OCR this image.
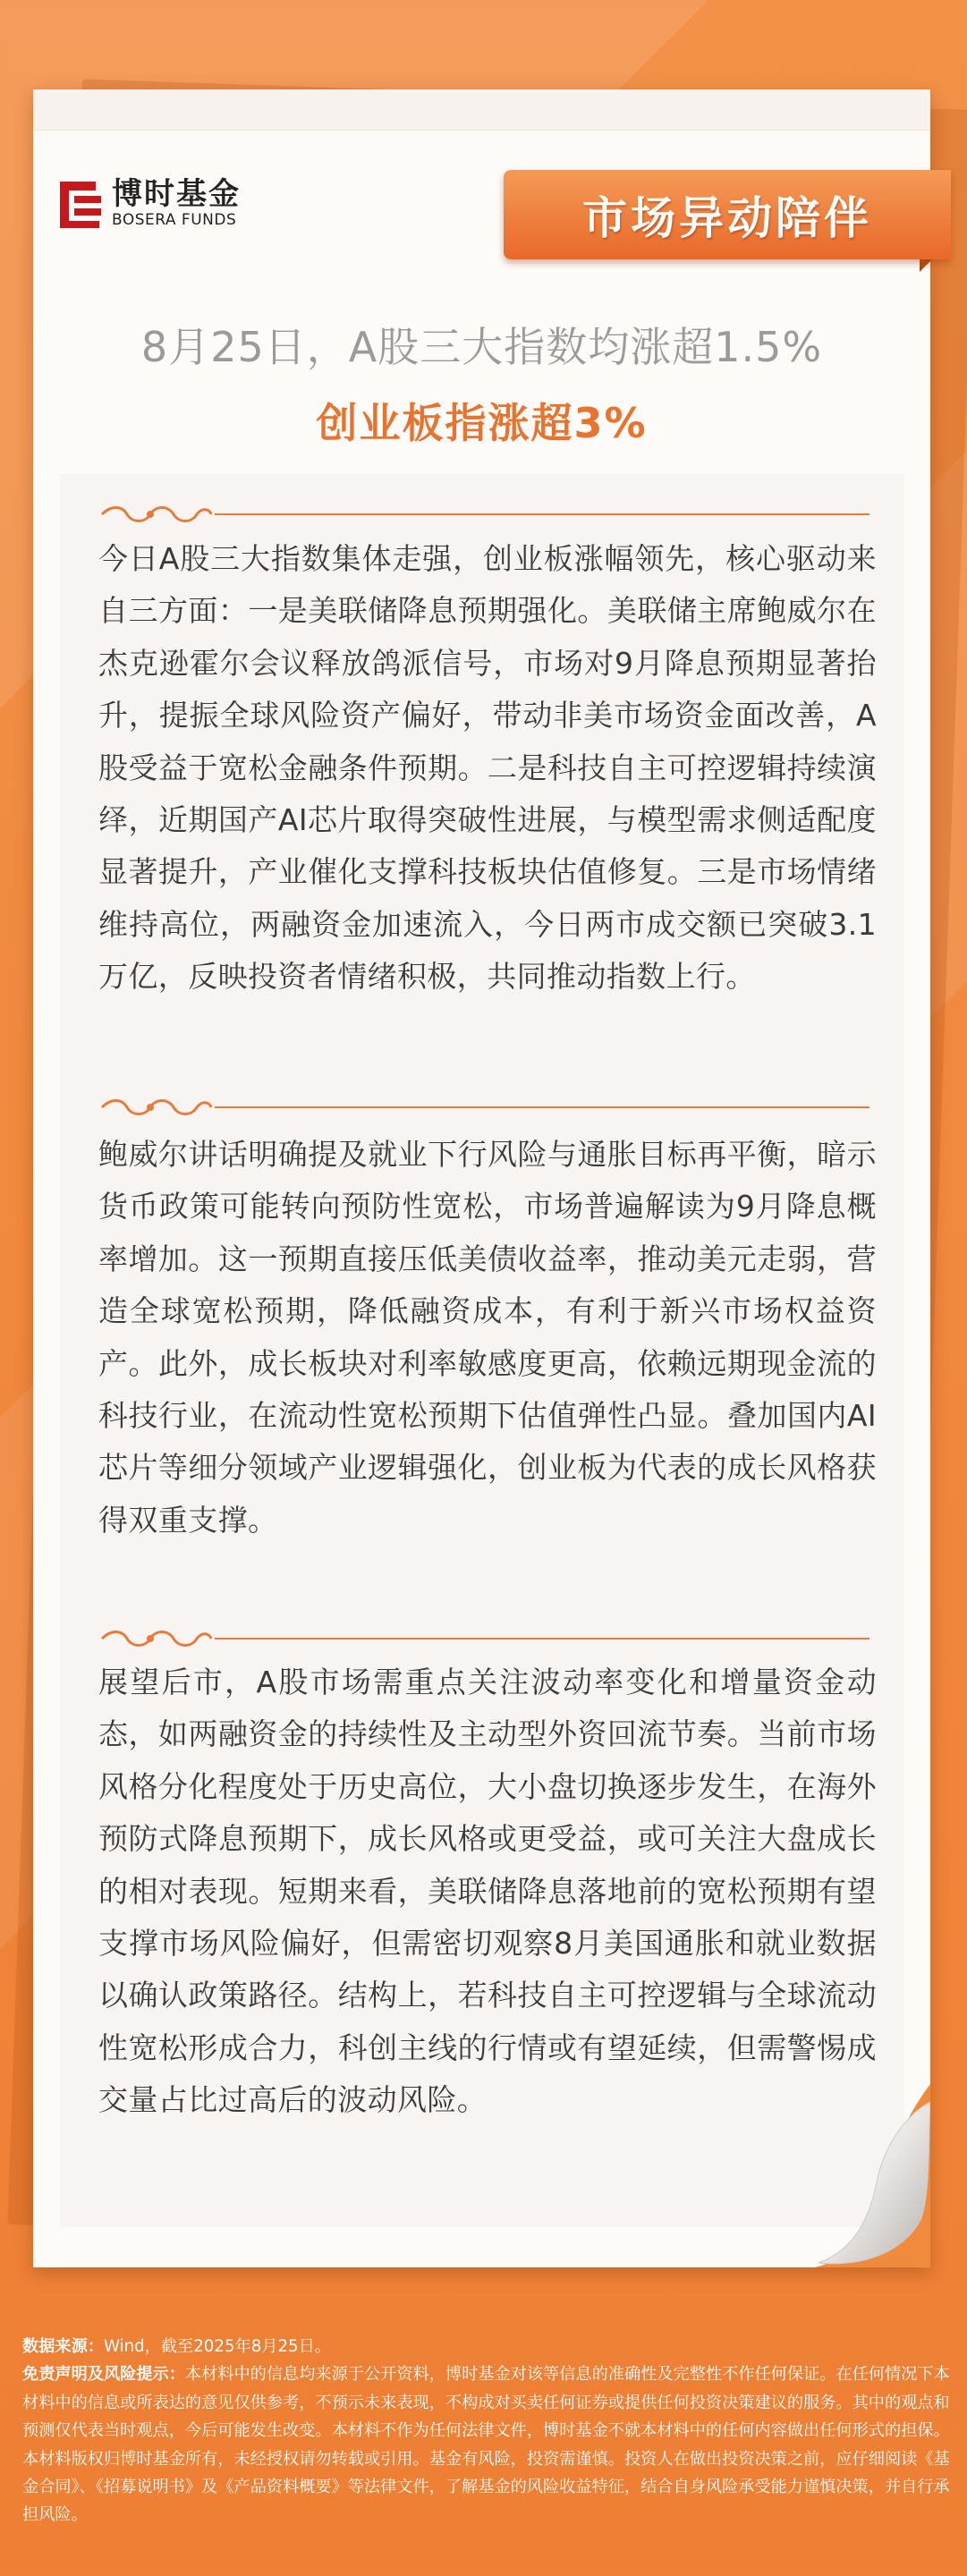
博时基金
BOSERA FUNDS	市场异动陪伴
8月25日，A股三大指数均涨超1.5%
创业板指涨超3%
今日A股三大指数集体走强，创业板涨幅领先，核心驱动来自三方面：一是美联储降息预期强化。美联储主席鲍威尔在杰克逊霍尔会议释放鸽派信号，市场对9月降息预期显著抬升，提振全球风险资产偏好，带动非美市场资金面改善，A股受益于宽松金融条件预期。二是科技自主可控逻辑持续演绎，近期国产AI芯片取得突破性进展，与模型需求侧适配度显著提升，产业催化支撑科技板块估值修复。三是市场情绪维持高位，两融资金加速流入，今日两市成交额已突破3.1万亿，反映投资者情绪积极，共同推动指数上行。
鲍威尔讲话明确提及就业下行风险与通胀目标再平衡，暗示货币政策可能转向预防性宽松，市场普遍解读为9月降息概率增加。这一预期直接压低美债收益率，推动美元走弱，营造全球宽松预期，降低融资成本，有利于新兴市场权益资产。此外，成长板块对利率敏感度更高，依赖远期现金流的科技行业，在流动性宽松预期下估值弹性凸显。叠加国内AI芯片等细分领域产业逻辑强化，创业板为代表的成长风格获得双重支撑。
展望后市，A股市场需重点关注波动率变化和增量资金动态，如两融资金的持续性及主动型外资回流节奏。当前市场风格分化程度处于历史高位，大小盘切换逐步发生，在海外预防式降息预期下，成长风格或更受益，或可关注大盘成长的相对表现。短期来看，美联储降息落地前的宽松预期有望支撑市场风险偏好，但需密切观察8月美国通胀和就业数据以确认政策路径。结构上，若科技自主可控逻辑与全球流动性宽松形成合力，科创主线的行情或有望延续，但需警惕成交量占比过高后的波动风险。
数据来源：Wind，截至2025年8月25日。
免责声明及风险提示：本材料中的信息均来源于公开资料，博时基金对该等信息的准确性及完整性不作任何保证。在任何情况下本材料中的信息或所表达的意见仅供参考，不预示未来表现，不构成对买卖任何证券或提供任何投资决策建议的服务。其中的观点和预测仅代表当时观点，今后可能发生改变。本材料不作为任何法律文件，博时基金不就本材料中的任何内容做出任何形式的担保。本材料版权归博时基金所有，未经授权请勿转载或引用。基金有风险，投资需谨慎。投资人在做出投资决策之前，应仔细阅读《基金合同》、《招募说明书》及《产品资料概要》等法律文件，了解基金的风险收益特征，结合自身风险承受能力谨慎决策，并自行承担风险。
